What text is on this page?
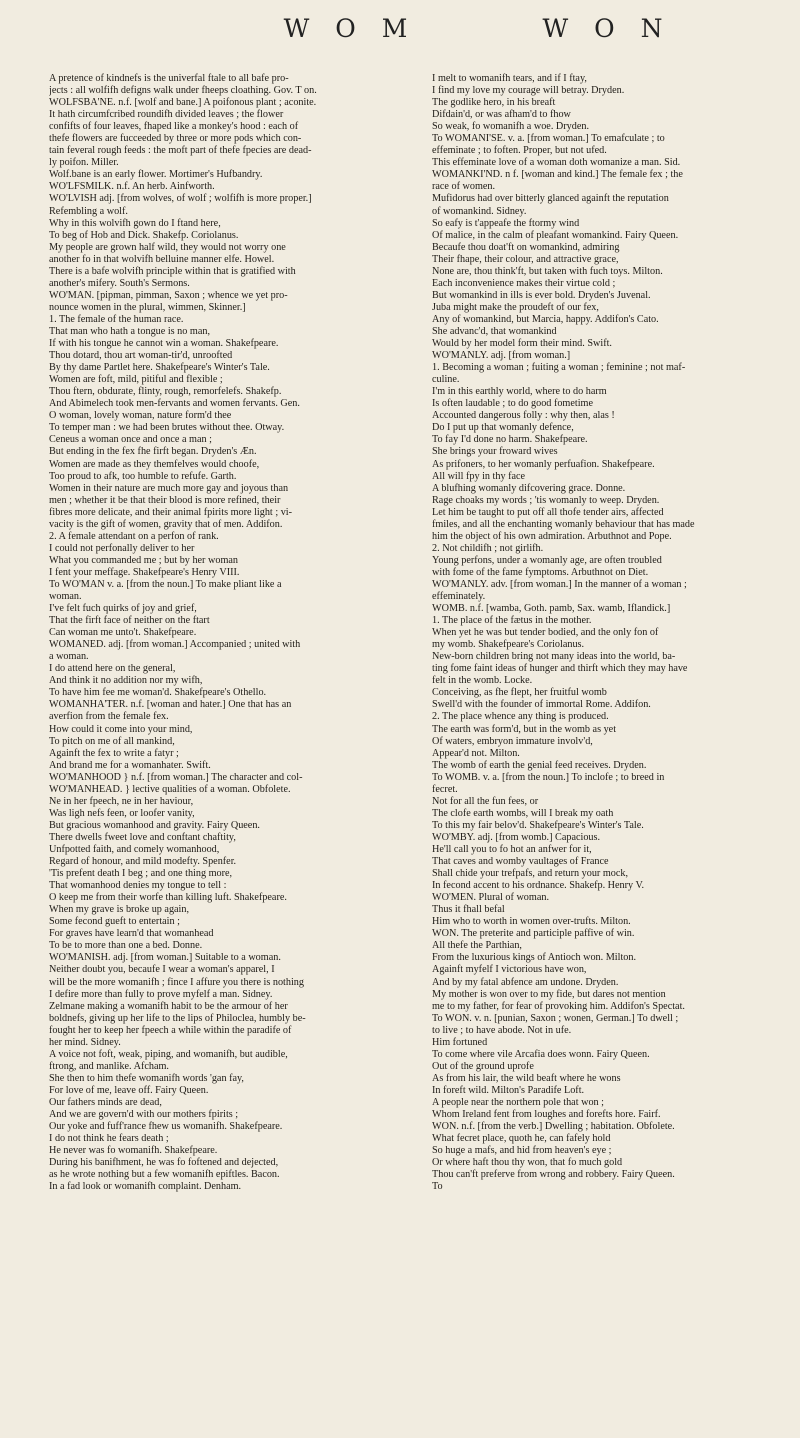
W O M	W O N

A pretence of kindnefs is the univerfal ftale to all bafe pro-
jects : all wolfifh defigns walk under fheeps cloathing. Gov. T on.
WOLFSBA'NE. n.f. [wolf and bane.] A poifonous plant ; aconite.
It hath circumfcribed roundifh divided leaves ; the flower
confifts of four leaves, fhaped like a monkey's hood : each of
thefe flowers are fucceeded by three or more pods which con-
tain feveral rough feeds : the moft part of thefe fpecies are dead-
ly poifon. Miller.
Wolf.bane is an early flower. Mortimer's Hufbandry.
WO'LFSMILK. n.f. An herb. Ainfworth.
WO'LVISH adj. [from wolves, of wolf ; wolfifh is more proper.]
Refembling a wolf.
Why in this wolvifh gown do I ftand here,
To beg of Hob and Dick. Shakefp. Coriolanus.
My people are grown half wild, they would not worry one
another fo in that wolvifh belluine manner elfe. Howel.
There is a bafe wolvifh principle within that is gratified with
another's mifery. South's Sermons.
WO'MAN. [pipman, pimman, Saxon ; whence we yet pro-
nounce women in the plural, wimmen, Skinner.]
1. The female of the human race.
That man who hath a tongue is no man,
If with his tongue he cannot win a woman. Shakefpeare.
Thou dotard, thou art woman-tir'd, unroofted
By thy dame Partlet here. Shakefpeare's Winter's Tale.
Women are foft, mild, pitiful and flexible ;
Thou ftern, obdurate, flinty, rough, remorfelefs. Shakefp.
And Abimelech took men-fervants and women fervants. Gen.
O woman, lovely woman, nature form'd thee
To temper man : we had been brutes without thee. Otway.
Ceneus a woman once and once a man ;
But ending in the fex fhe firft began. Dryden's Æn.
Women are made as they themfelves would choofe,
Too proud to afk, too humble to refufe. Garth.
Women in their nature are much more gay and joyous than
men ; whether it be that their blood is more refined, their
fibres more delicate, and their animal fpirits more light ; vi-
vacity is the gift of women, gravity that of men. Addifon.
2. A female attendant on a perfon of rank.
I could not perfonally deliver to her
What you commanded me ; but by her woman
I fent your meffage. Shakefpeare's Henry VIII.
To WO'MAN v. a. [from the noun.] To make pliant like a
woman.
I've felt fuch quirks of joy and grief,
That the firft face of neither on the ftart
Can woman me unto't. Shakefpeare.
WOMANED. adj. [from woman.] Accompanied ; united with
a woman.
I do attend here on the general,
And think it no addition nor my wifh,
To have him fee me woman'd. Shakefpeare's Othello.
WOMANHA'TER. n.f. [woman and hater.] One that has an
averfion from the female fex.
How could it come into your mind,
To pitch on me of all mankind,
Againft the fex to write a fatyr ;
And brand me for a womanhater. Swift.
WO'MANHOOD } n.f. [from woman.] The character and col-
WO'MANHEAD. } lective qualities of a woman. Obfolete.
Ne in her fpeech, ne in her haviour,
Was ligh nefs feen, or loofer vanity,
But gracious womanhood and gravity. Fairy Queen.
There dwells fweet love and conftant chaftity,
Unfpotted faith, and comely womanhood,
Regard of honour, and mild modefty. Spenfer.
'Tis prefent death I beg ; and one thing more,
That womanhood denies my tongue to tell :
O keep me from their worfe than killing luft. Shakefpeare.
When my grave is broke up again,
Some fecond gueft to entertain ;
For graves have learn'd that womanhead
To be to more than one a bed. Donne.
WO'MANISH. adj. [from woman.] Suitable to a woman.
Neither doubt you, becaufe I wear a woman's apparel, I
will be the more womanifh ; fince I affure you there is nothing
I defire more than fully to prove myfelf a man. Sidney.
Zelmane making a womanifh habit to be the armour of her
boldnefs, giving up her life to the lips of Philoclea, humbly be-
fought her to keep her fpeech a while within the paradife of
her mind. Sidney.
A voice not foft, weak, piping, and womanifh, but audible,
ftrong, and manlike. Afcham.
She then to him thefe womanifh words 'gan fay,
For love of me, leave off. Fairy Queen.
Our fathers minds are dead,
And we are govern'd with our mothers fpirits ;
Our yoke and fuff'rance fhew us womanifh. Shakefpeare.
I do not think he fears death ;
He never was fo womanifh. Shakefpeare.
During his banifhment, he was fo foftened and dejected,
as he wrote nothing but a few womanifh epiftles. Bacon.
In a fad look or womanifh complaint. Denham.

I melt to womanifh tears, and if I ftay,
I find my love my courage will betray. Dryden.
The godlike hero, in his breaft
Difdain'd, or was afham'd to fhow
So weak, fo womanifh a woe. Dryden.
To WOMANI'SE. v. a. [from woman.] To emafculate ; to
effeminate ; to foften. Proper, but not ufed.
This effeminate love of a woman doth womanize a man. Sid.
WOMANKI'ND. n f. [woman and kind.] The female fex ; the
race of women.
Mufidorus had over bitterly glanced againft the reputation
of womankind. Sidney.
So eafy is t'appeafe the ftormy wind
Of malice, in the calm of pleafant womankind. Fairy Queen.
Becaufe thou doat'ft on womankind, admiring
Their fhape, their colour, and attractive grace,
None are, thou think'ft, but taken with fuch toys. Milton.
Each inconvenience makes their virtue cold ;
But womankind in ills is ever bold. Dryden's Juvenal.
Juba might make the proudeft of our fex,
Any of womankind, but Marcia, happy. Addifon's Cato.
She advanc'd, that womankind
Would by her model form their mind. Swift.
WO'MANLY. adj. [from woman.]
1. Becoming a woman ; fuiting a woman ; feminine ; not maf-
culine.
I'm in this earthly world, where to do harm
Is often laudable ; to do good fometime
Accounted dangerous folly : why then, alas !
Do I put up that womanly defence,
To fay I'd done no harm. Shakefpeare.
She brings your froward wives
As prifoners, to her womanly perfuafion. Shakefpeare.
All will fpy in thy face
A blufhing womanly difcovering grace. Donne.
Rage choaks my words ; 'tis womanly to weep. Dryden.
Let him be taught to put off all thofe tender airs, affected
fmiles, and all the enchanting womanly behaviour that has made
him the object of his own admiration. Arbuthnot and Pope.
2. Not childifh ; not girlifh.
Young perfons, under a womanly age, are often troubled
with fome of the fame fymptoms. Arbuthnot on Diet.
WO'MANLY. adv. [from woman.] In the manner of a woman ;
effeminately.
WOMB. n.f. [wamba, Goth. pamb, Sax. wamb, Iflandick.]
1. The place of the fætus in the mother.
When yet he was but tender bodied, and the only fon of
my womb. Shakefpeare's Coriolanus.
New-born children bring not many ideas into the world, ba-
ting fome faint ideas of hunger and thirft which they may have
felt in the womb. Locke.
Conceiving, as fhe flept, her fruitful womb
Swell'd with the founder of immortal Rome. Addifon.
2. The place whence any thing is produced.
The earth was form'd, but in the womb as yet
Of waters, embryon immature involv'd,
Appear'd not. Milton.
The womb of earth the genial feed receives. Dryden.
To WOMB. v. a. [from the noun.] To inclofe ; to breed in
fecret.
Not for all the fun fees, or
The clofe earth wombs, will I break my oath
To this my fair belov'd. Shakefpeare's Winter's Tale.
WO'MBY. adj. [from womb.] Capacious.
He'll call you to fo hot an anfwer for it,
That caves and womby vaultages of France
Shall chide your trefpafs, and return your mock,
In fecond accent to his ordnance. Shakefp. Henry V.
WO'MEN. Plural of woman.
Thus it fhall befal
Him who to worth in women over-trufts. Milton.
WON. The preterite and participle paffive of win.
All thefe the Parthian,
From the luxurious kings of Antioch won. Milton.
Againft myfelf I victorious have won,
And by my fatal abfence am undone. Dryden.
My mother is won over to my fide, but dares not mention
me to my father, for fear of provoking him. Addifon's Spectat.
To WON. v. n. [punian, Saxon ; wonen, German.] To dwell ;
to live ; to have abode. Not in ufe.
Him fortuned
To come where vile Arcafia does wonn. Fairy Queen.
Out of the ground uprofe
As from his lair, the wild beaft where he wons
In foreft wild. Milton's Paradife Loft.
A people near the northern pole that won ;
Whom Ireland fent from loughes and forefts hore. Fairf.
WON. n.f. [from the verb.] Dwelling ; habitation. Obfolete.
What fecret place, quoth he, can fafely hold
So huge a mafs, and hid from heaven's eye ;
Or where haft thou thy won, that fo much gold
Thou can'ft preferve from wrong and robbery. Fairy Queen.
To
